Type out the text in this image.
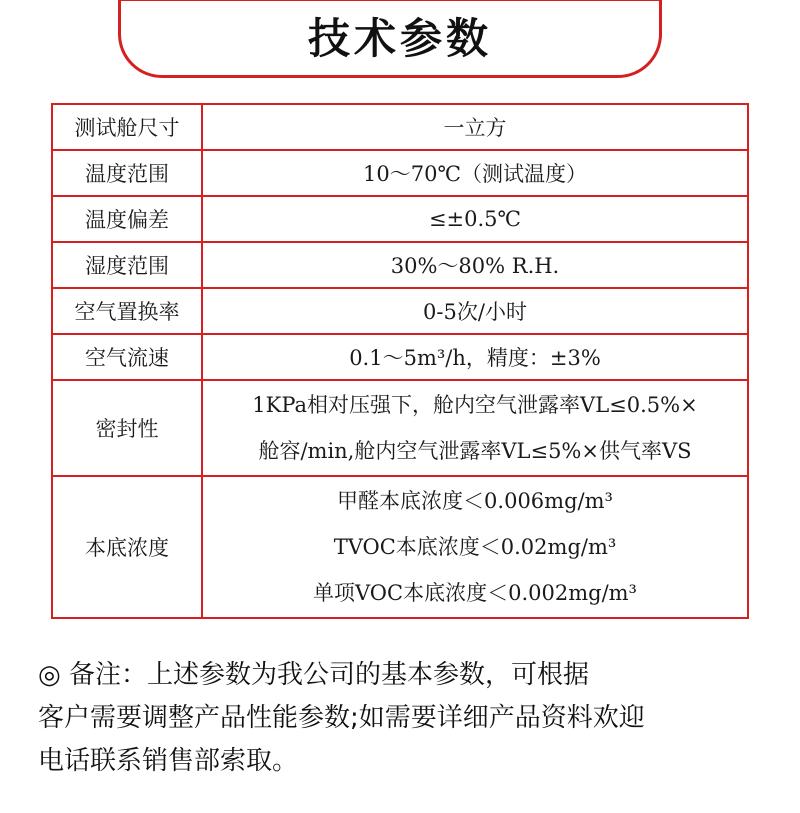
技术参数
测试舱尺寸	一立方
温度范围	10～70℃（测试温度）
温度偏差	≤±0.5℃
湿度范围	30%～80% R.H.
空气置换率	0-5次/小时
空气流速	0.1～5m³/h，精度：±3%
密封性	1KPa相对压强下，舱内空气泄露率VL≤0.5%×
舱容/min,舱内空气泄露率VL≤5%×供气率VS

本底浓度	甲醛本底浓度＜0.006mg/m³
TVOC本底浓度＜0.02mg/m³
单项VOC本底浓度＜0.002mg/m³
◎ 备注：上述参数为我公司的基本参数，可根据
客户需要调整产品性能参数;如需要详细产品资料欢迎
电话联系销售部索取。
